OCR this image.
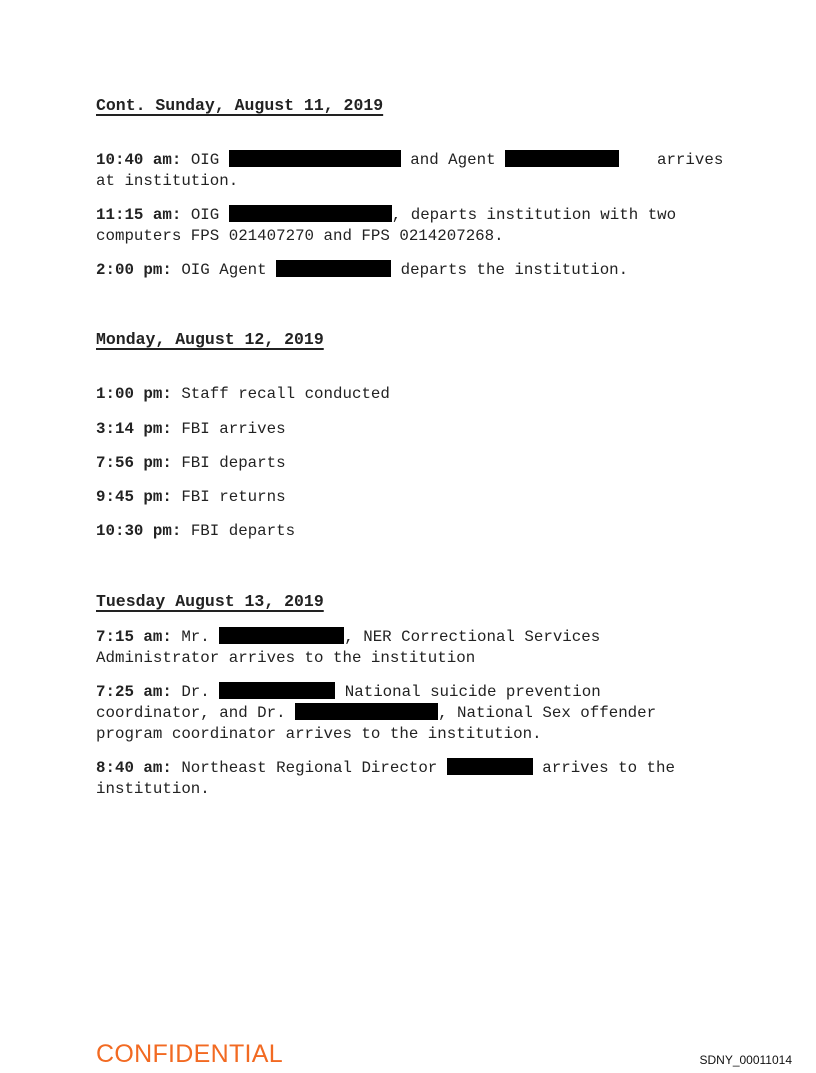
Cont. Sunday, August 11, 2019
10:40 am: OIG	and Agent	arrives
at institution.
11:15 am: OIG	, departs institution with two
computers FPS 021407270 and FPS 0214207268.
2:00 pm: OIG Agent	departs the institution.
Monday, August 12, 2019
1:00 pm: Staff recall conducted
3:14 pm: FBI arrives
7:56 pm: FBI departs
9:45 pm: FBI returns
10:30 pm: FBI departs
Tuesday August 13, 2019
7:15 am: Mr.	, NER Correctional Services
Administrator arrives to the institution
7:25 am: Dr.	National suicide prevention
coordinator, and Dr.	, National Sex offender
program coordinator arrives to the institution.
8:40 am: Northeast Regional Director	arrives to the
institution.
CONFIDENTIAL	SDNY_00011014
